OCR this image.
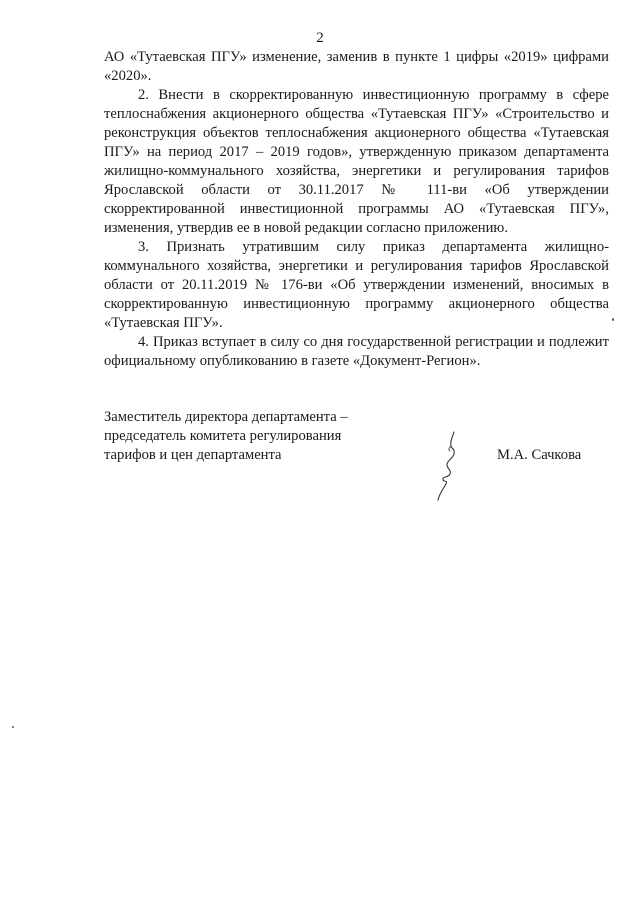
2

АО «Тутаевская ПГУ» изменение, заменив в пункте 1 цифры «2019» цифрами «2020».

2. Внести в скорректированную инвестиционную программу в сфере теплоснабжения акционерного общества «Тутаевская ПГУ» «Строительство и реконструкция объектов теплоснабжения акционерного общества «Тутаевская ПГУ» на период 2017 – 2019 годов», утвержденную приказом департамента жилищно-коммунального хозяйства, энергетики и регулирования тарифов Ярославской области от 30.11.2017 № 111-ви «Об утверждении скорректированной инвестиционной программы АО «Тутаевская ПГУ», изменения, утвердив ее в новой редакции согласно приложению.

3. Признать утратившим силу приказ департамента жилищно-коммунального хозяйства, энергетики и регулирования тарифов Ярославской области от 20.11.2019 № 176-ви «Об утверждении изменений, вносимых в скорректированную инвестиционную программу акционерного общества «Тутаевская ПГУ».

4. Приказ вступает в силу со дня государственной регистрации и подлежит официальному опубликованию в газете «Документ-Регион».

Заместитель директора департамента –
председатель комитета регулирования
тарифов и цен департамента	М.А. Сачкова
